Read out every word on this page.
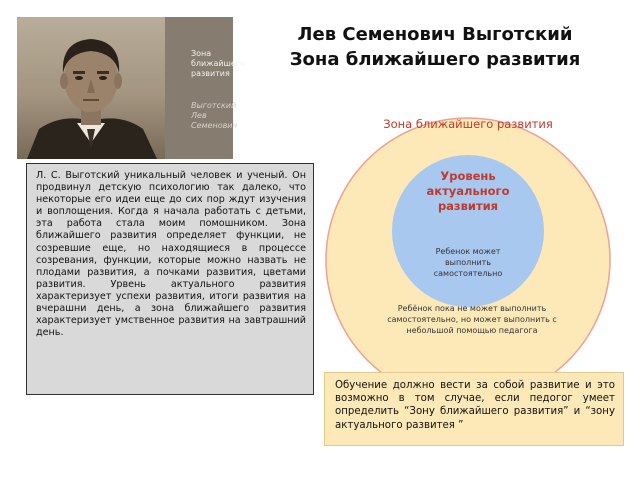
Зона ближайшего развития
Выготский Лев Семенович
Лев Семенович Выготский
Зона ближайшего развития

Л. С. Выготский уникальный человек и ученый. Он продвинул детскую психологию так далеко, что некоторые его идеи еще до сих пор ждут изучения и воплощения. Когда я начала работать с детьми, эта работа стала моим помошником. Зона ближайшего развития определяет функции, не созревшие еще, но находящиеся в процессе созревания, функции, которые можно назвать не плодами развития, а почками развития, цветами развития. Урвень актуального развития характеризует успехи развития, итоги развития на вчерашни день, а зона ближайшего развития характеризует умственное развития на завтрашний день.

Зона ближайшего развития
Уровень
актуального
развития
Ребенок может
выполнить
самостоятельно
Ребёнок пока не может выполнить
самостоятельно, но может выполнить с
небольшой помощью педагога

Обучение должно вести за собой развитие и это возможно в том случае, если педогог умеет определить “Зону ближайшего развития” и “зону актуального развитея ”
